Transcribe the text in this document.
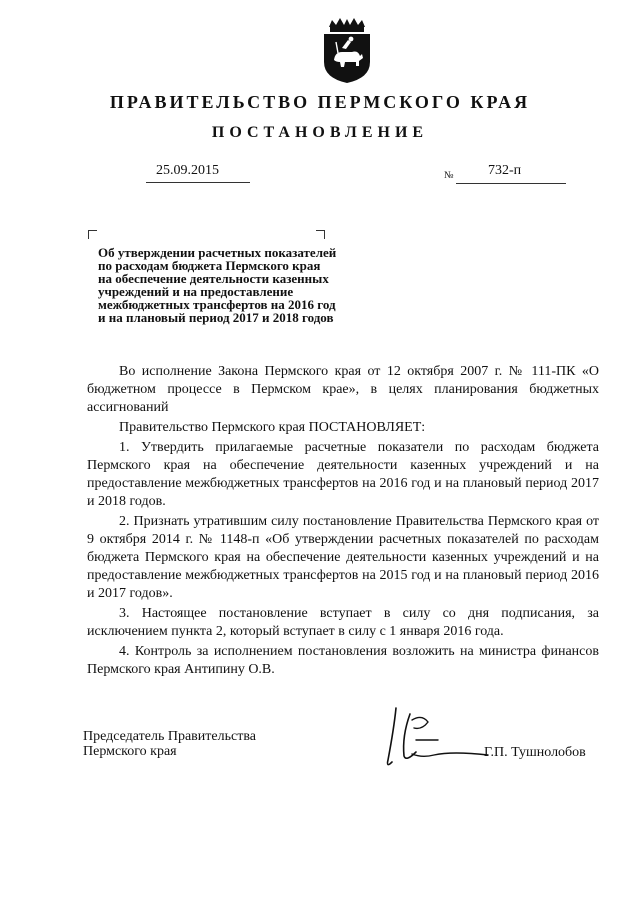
ПРАВИТЕЛЬСТВО ПЕРМСКОГО КРАЯ
ПОСТАНОВЛЕНИЕ
25.09.2015	№ 732-п
Об утверждении расчетных показателей
по расходам бюджета Пермского края
на обеспечение деятельности казенных
учреждений и на предоставление
межбюджетных трансфертов на 2016 год
и на плановый период 2017 и 2018 годов

Во исполнение Закона Пермского края от 12 октября 2007 г. № 111-ПК «О бюджетном процессе в Пермском крае», в целях планирования бюджетных ассигнований

Правительство Пермского края ПОСТАНОВЛЯЕТ:

1. Утвердить прилагаемые расчетные показатели по расходам бюджета Пермского края на обеспечение деятельности казенных учреждений и на предоставление межбюджетных трансфертов на 2016 год и на плановый период 2017 и 2018 годов.

2. Признать утратившим силу постановление Правительства Пермского края от 9 октября 2014 г. № 1148-п «Об утверждении расчетных показателей по расходам бюджета Пермского края на обеспечение деятельности казенных учреждений и на предоставление межбюджетных трансфертов на 2015 год и на плановый период 2016 и 2017 годов».

3. Настоящее постановление вступает в силу со дня подписания, за исключением пункта 2, который вступает в силу с 1 января 2016 года.

4. Контроль за исполнением постановления возложить на министра финансов Пермского края Антипину О.В.

Председатель Правительства
Пермского края	Г.П. Тушнолобов
